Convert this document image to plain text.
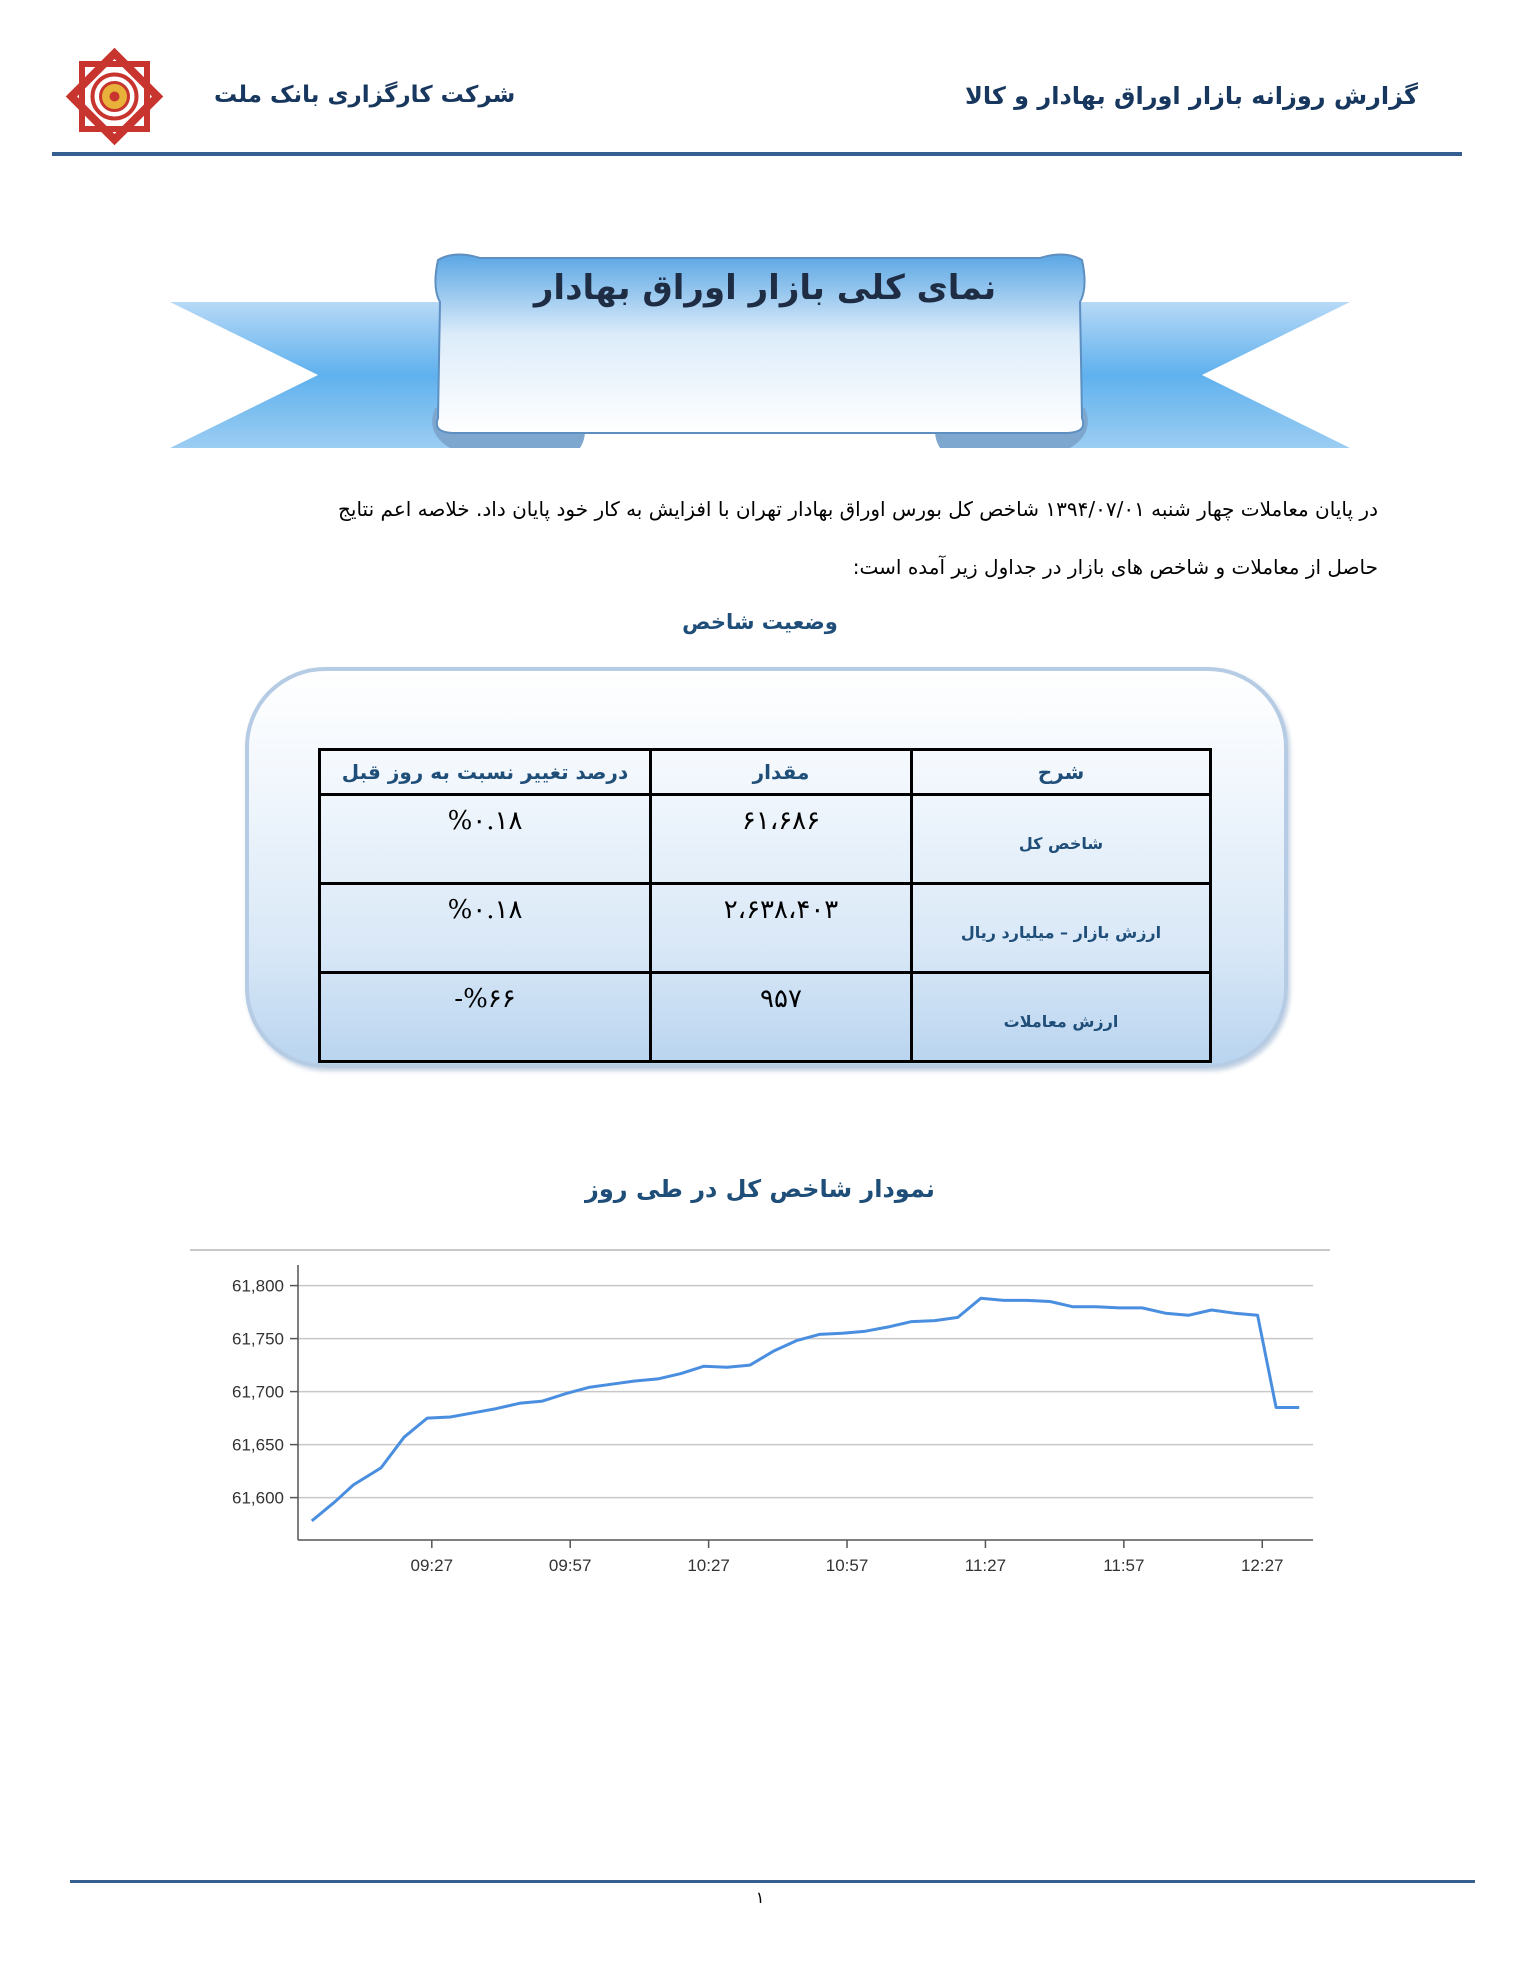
شرکت کارگزاری بانک ملت	گزارش روزانه بازار اوراق بهادار و کالا
نمای کلی بازار اوراق بهادار
در پایان معاملات چهار شنبه ۱۳۹۴/۰۷/۰۱ شاخص کل بورس اوراق بهادار تهران با افزایش به کار خود پایان داد. خلاصه اعم نتایج
حاصل از معاملات و شاخص های بازار در جداول زیر آمده است:
وضعیت شاخص
شرح	مقدار	درصد تغییر نسبت به روز قبل
شاخص کل	۶۱،۶۸۶	%۰.۱۸
ارزش بازار – میلیارد ریال	۲،۶۳۸،۴۰۳	%۰.۱۸
ارزش معاملات	۹۵۷	-%۶۶
نمودار شاخص کل در طی روز
61,600
61,650
61,700
61,750
61,800
09:27	09:57	10:27	10:57	11:27	11:57	12:27
۱
